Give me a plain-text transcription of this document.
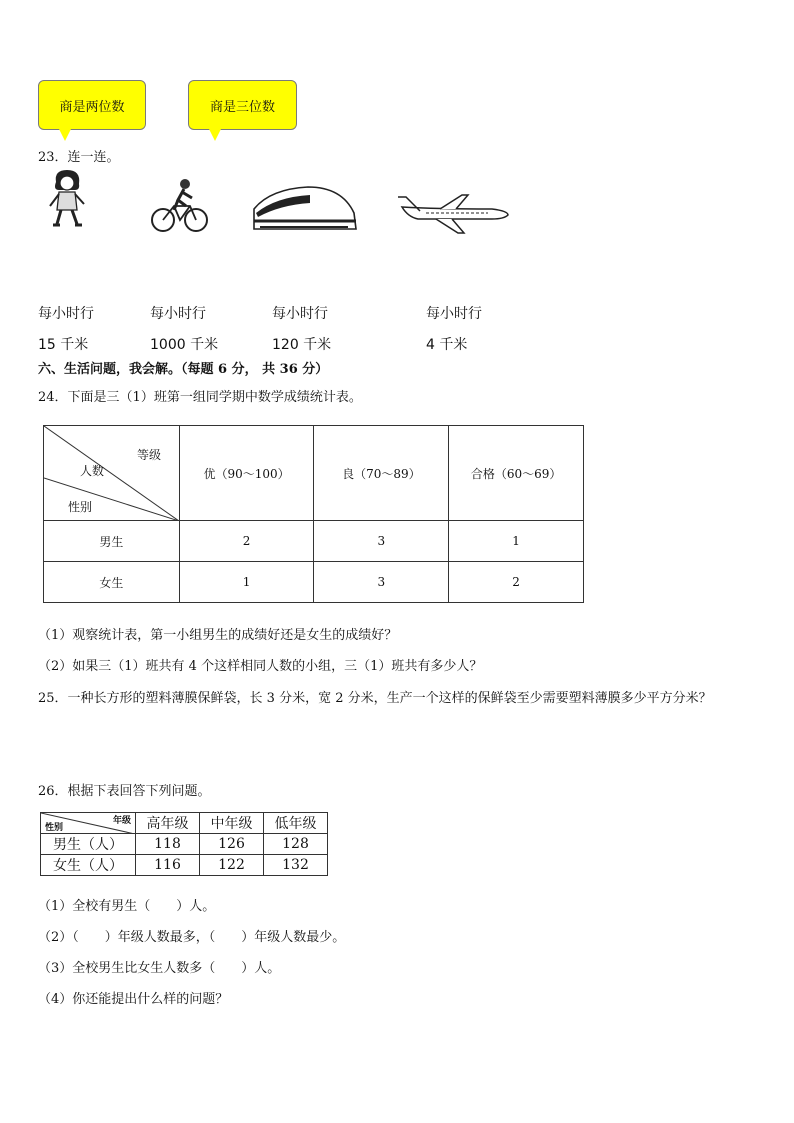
商是两位数	商是三位数
23．连一连。
每小时行	每小时行	每小时行	每小时行
15 千米	1000 千米	120 千米	4 千米
六、生活问题，我会解。（每题 6 分， 共 36 分）
24．下面是三（1）班第一组同学期中数学成绩统计表。
等级
人数
性别	优（90～100）	良（70～89）	合格（60～69）
男生	2	3	1
女生	1	3	2
（1）观察统计表，第一小组男生的成绩好还是女生的成绩好？
（2）如果三（1）班共有 4 个这样相同人数的小组，三（1）班共有多少人？
25．一种长方形的塑料薄膜保鲜袋，长 3 分米，宽 2 分米，生产一个这样的保鲜袋至少需要塑料薄膜多少平方分米？
26．根据下表回答下列问题。
年级
性别	高年级	中年级	低年级
男生（人）	118	126	128
女生（人）	116	122	132
（1）全校有男生（　　）人。
（2）（　　）年级人数最多，（　　）年级人数最少。
（3）全校男生比女生人数多（　　）人。
（4）你还能提出什么样的问题？
